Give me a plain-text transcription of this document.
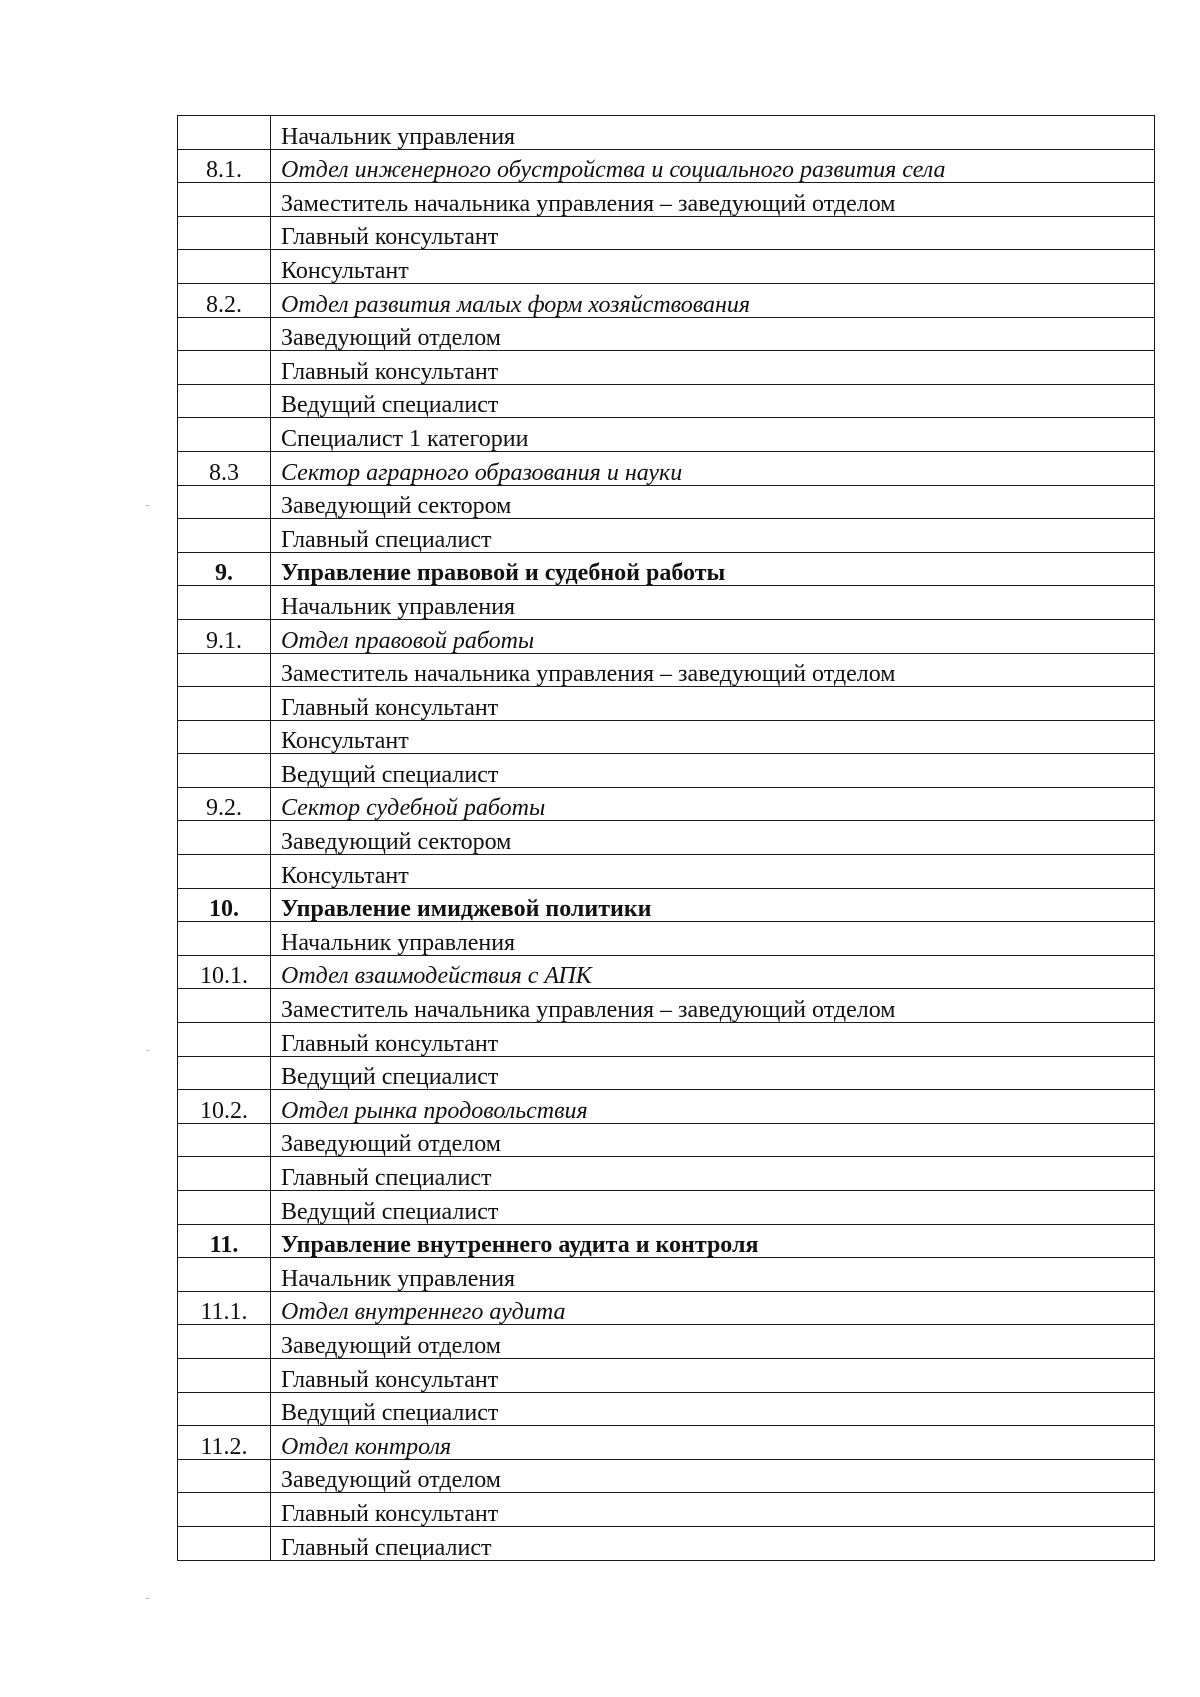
	Начальник управления
8.1.	Отдел инженерного обустройства и социального развития села
	Заместитель начальника управления – заведующий отделом
	Главный консультант
	Консультант
8.2.	Отдел развития малых форм хозяйствования
	Заведующий отделом
	Главный консультант
	Ведущий специалист
	Специалист 1 категории
8.3	Сектор аграрного образования и науки
	Заведующий сектором
	Главный специалист
9.	Управление правовой и судебной работы
	Начальник управления
9.1.	Отдел правовой работы
	Заместитель начальника управления – заведующий отделом
	Главный консультант
	Консультант
	Ведущий специалист
9.2.	Сектор судебной работы
	Заведующий сектором
	Консультант
10.	Управление имиджевой политики
	Начальник управления
10.1.	Отдел взаимодействия с АПК
	Заместитель начальника управления – заведующий отделом
	Главный консультант
	Ведущий специалист
10.2.	Отдел рынка продовольствия
	Заведующий отделом
	Главный специалист
	Ведущий специалист
11.	Управление внутреннего аудита и контроля
	Начальник управления
11.1.	Отдел внутреннего аудита
	Заведующий отделом
	Главный консультант
	Ведущий специалист
11.2.	Отдел контроля
	Заведующий отделом
	Главный консультант
	Главный специалист
